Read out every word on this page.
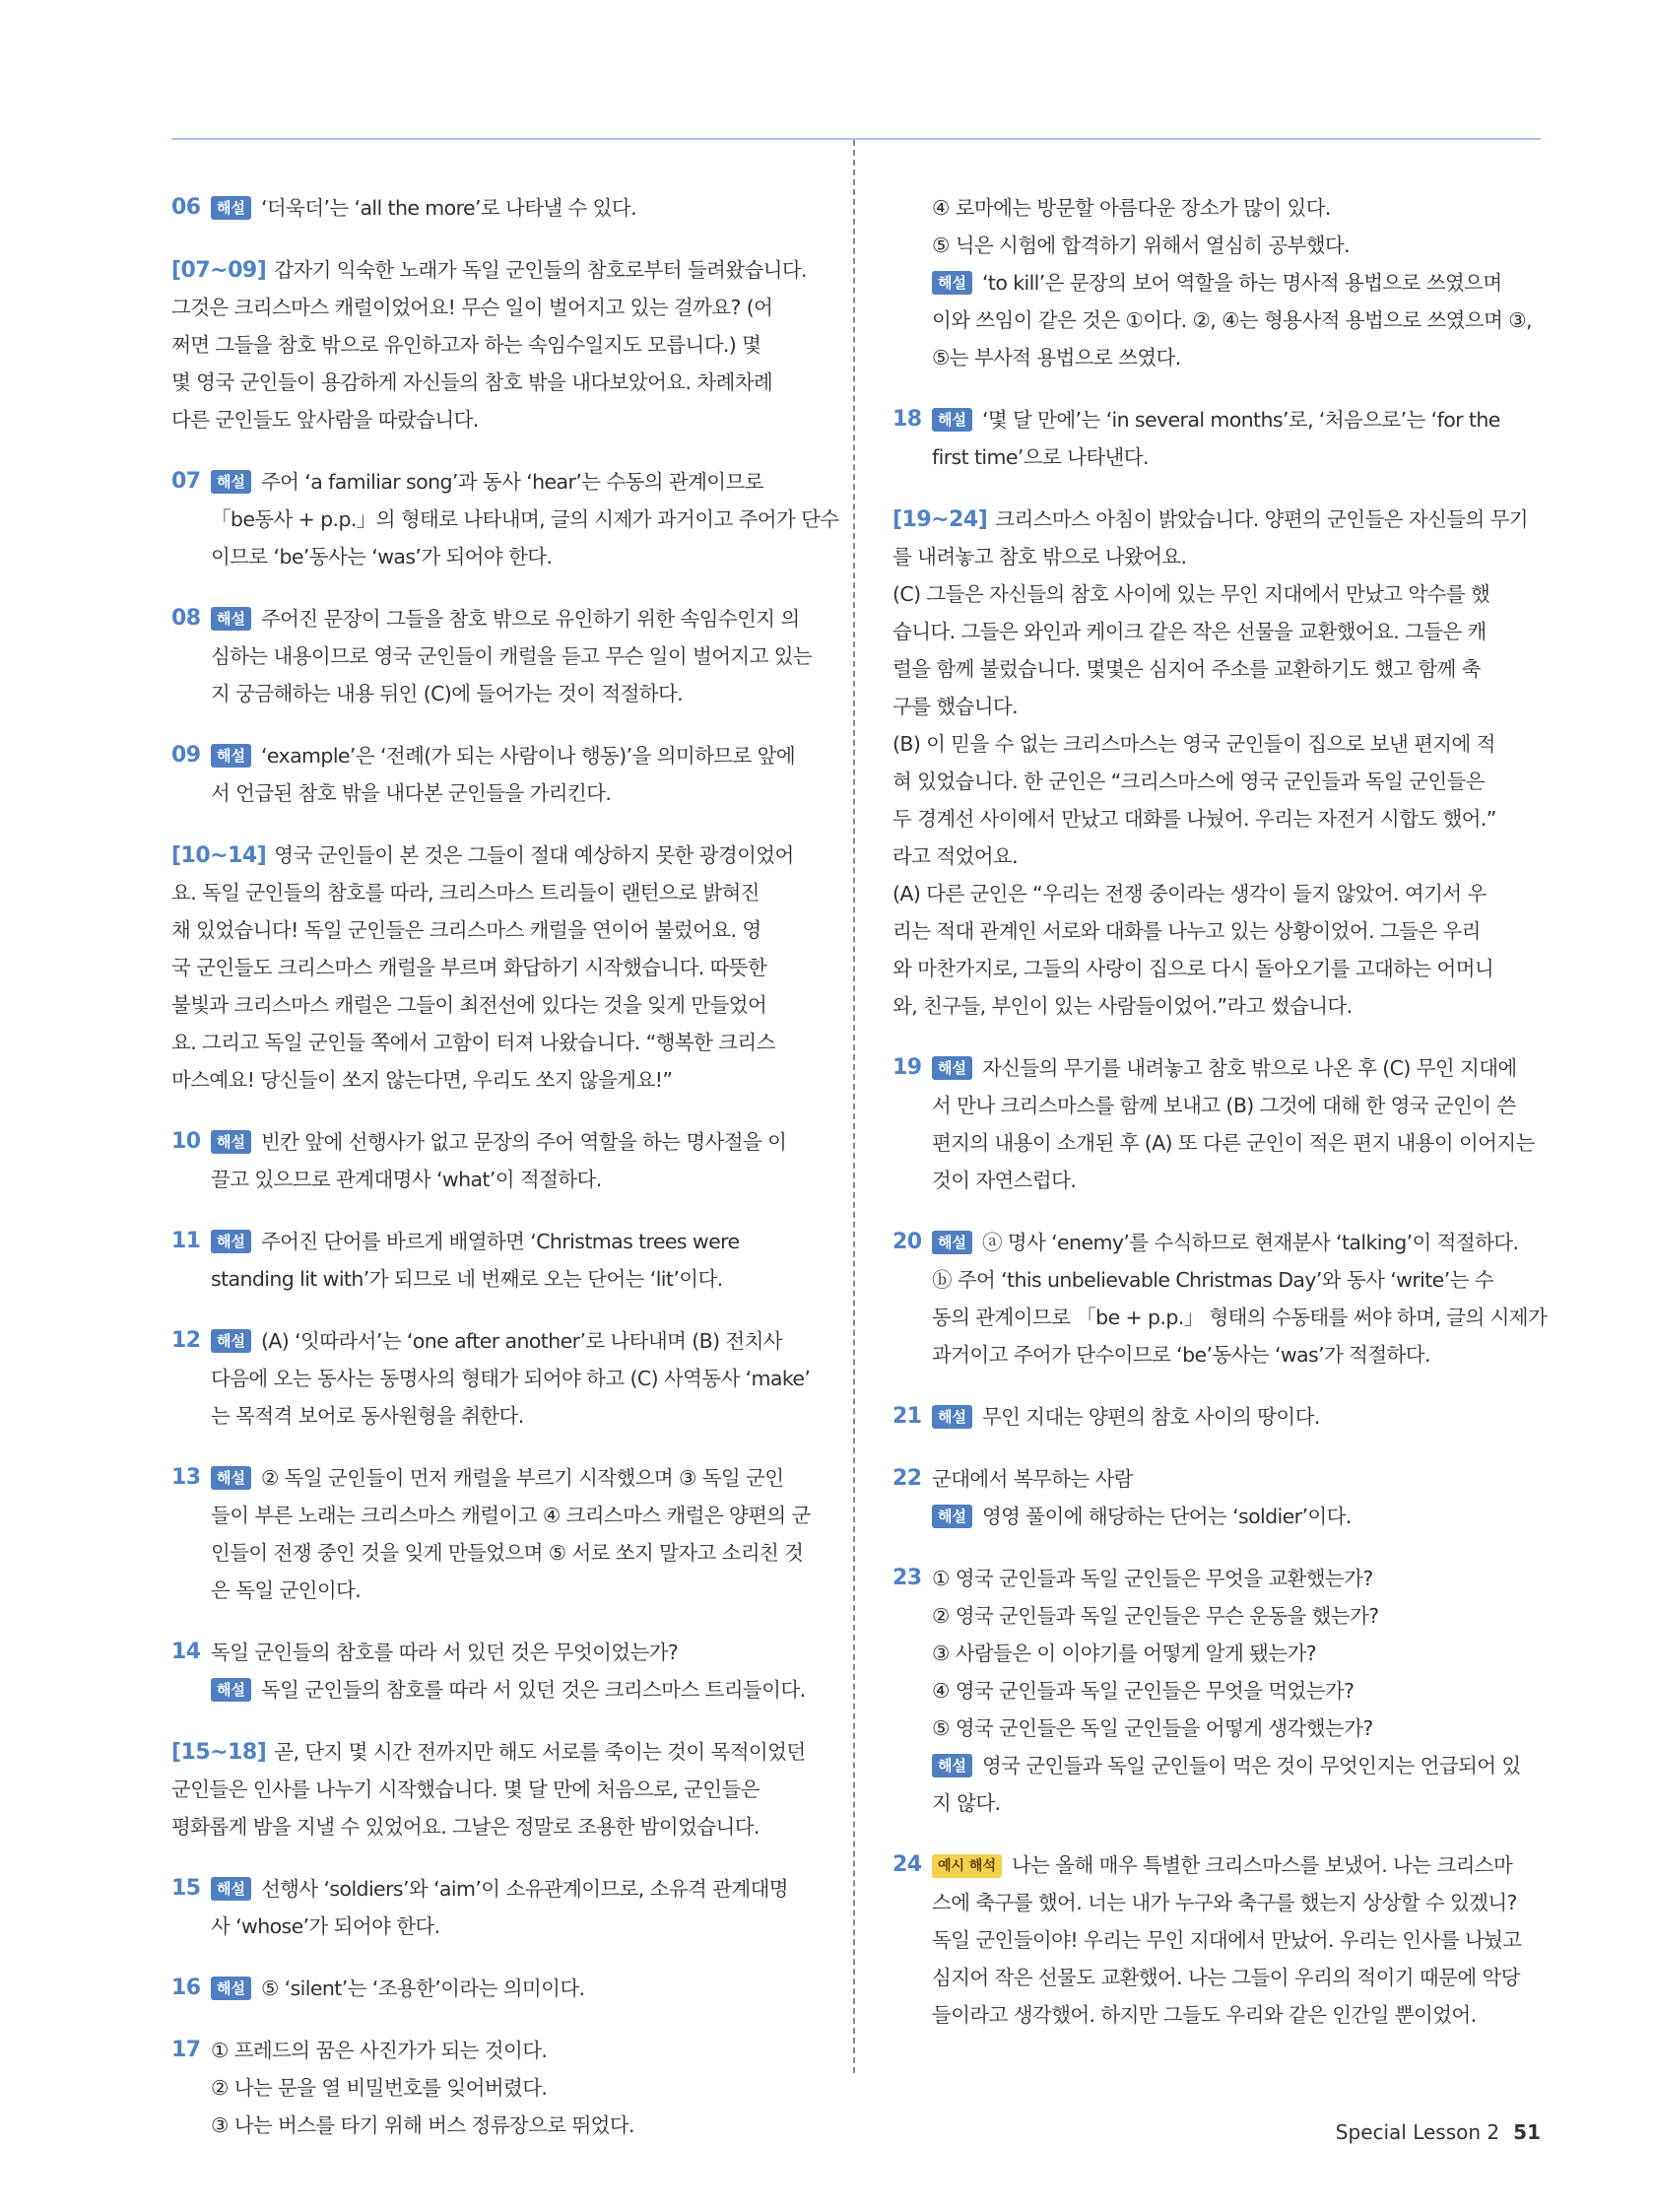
06	해설 ‘더욱더’는 ‘all the more’로 나타낼 수 있다.
[07~09] 갑자기 익숙한 노래가 독일 군인들의 참호로부터 들려왔습니다.
그것은 크리스마스 캐럴이었어요! 무슨 일이 벌어지고 있는 걸까요? (어
쩌면 그들을 참호 밖으로 유인하고자 하는 속임수일지도 모릅니다.) 몇
몇 영국 군인들이 용감하게 자신들의 참호 밖을 내다보았어요. 차례차례
다른 군인들도 앞사람을 따랐습니다.
07	해설 주어 ‘a familiar song’과 동사 ‘hear’는 수동의 관계이므로
「be동사 + p.p.」의 형태로 나타내며, 글의 시제가 과거이고 주어가 단수
이므로 ‘be’동사는 ‘was’가 되어야 한다.
08	해설 주어진 문장이 그들을 참호 밖으로 유인하기 위한 속임수인지 의
심하는 내용이므로 영국 군인들이 캐럴을 듣고 무슨 일이 벌어지고 있는
지 궁금해하는 내용 뒤인 (C)에 들어가는 것이 적절하다.
09	해설 ‘example’은 ‘전례(가 되는 사람이나 행동)’을 의미하므로 앞에
서 언급된 참호 밖을 내다본 군인들을 가리킨다.
[10~14] 영국 군인들이 본 것은 그들이 절대 예상하지 못한 광경이었어
요. 독일 군인들의 참호를 따라, 크리스마스 트리들이 랜턴으로 밝혀진
채 있었습니다! 독일 군인들은 크리스마스 캐럴을 연이어 불렀어요. 영
국 군인들도 크리스마스 캐럴을 부르며 화답하기 시작했습니다. 따뜻한
불빛과 크리스마스 캐럴은 그들이 최전선에 있다는 것을 잊게 만들었어
요. 그리고 독일 군인들 쪽에서 고함이 터져 나왔습니다. “행복한 크리스
마스예요! 당신들이 쏘지 않는다면, 우리도 쏘지 않을게요!”
10	해설 빈칸 앞에 선행사가 없고 문장의 주어 역할을 하는 명사절을 이
끌고 있으므로 관계대명사 ‘what’이 적절하다.
11	해설 주어진 단어를 바르게 배열하면 ‘Christmas trees were
standing lit with’가 되므로 네 번째로 오는 단어는 ‘lit’이다.
12	해설 (A) ‘잇따라서’는 ‘one after another’로 나타내며 (B) 전치사
다음에 오는 동사는 동명사의 형태가 되어야 하고 (C) 사역동사 ‘make’
는 목적격 보어로 동사원형을 취한다.
13	해설 ② 독일 군인들이 먼저 캐럴을 부르기 시작했으며 ③ 독일 군인
들이 부른 노래는 크리스마스 캐럴이고 ④ 크리스마스 캐럴은 양편의 군
인들이 전쟁 중인 것을 잊게 만들었으며 ⑤ 서로 쏘지 말자고 소리친 것
은 독일 군인이다.
14 독일 군인들의 참호를 따라 서 있던 것은 무엇이었는가?
해설 독일 군인들의 참호를 따라 서 있던 것은 크리스마스 트리들이다.
[15~18] 곧, 단지 몇 시간 전까지만 해도 서로를 죽이는 것이 목적이었던
군인들은 인사를 나누기 시작했습니다. 몇 달 만에 처음으로, 군인들은
평화롭게 밤을 지낼 수 있었어요. 그날은 정말로 조용한 밤이었습니다.
15	해설 선행사 ‘soldiers’와 ‘aim’이 소유관계이므로, 소유격 관계대명
사 ‘whose’가 되어야 한다.
16	해설 ⑤ ‘silent’는 ‘조용한’이라는 의미이다.
17 ① 프레드의 꿈은 사진가가 되는 것이다.
② 나는 문을 열 비밀번호를 잊어버렸다.
③ 나는 버스를 타기 위해 버스 정류장으로 뛰었다.
④ 로마에는 방문할 아름다운 장소가 많이 있다.
⑤ 닉은 시험에 합격하기 위해서 열심히 공부했다.
해설 ‘to kill’은 문장의 보어 역할을 하는 명사적 용법으로 쓰였으며
이와 쓰임이 같은 것은 ①이다. ②, ④는 형용사적 용법으로 쓰였으며 ③,
⑤는 부사적 용법으로 쓰였다.
18	해설 ‘몇 달 만에’는 ‘in several months’로, ‘처음으로’는 ‘for the
first time’으로 나타낸다.
[19~24] 크리스마스 아침이 밝았습니다. 양편의 군인들은 자신들의 무기
를 내려놓고 참호 밖으로 나왔어요.
(C) 그들은 자신들의 참호 사이에 있는 무인 지대에서 만났고 악수를 했
습니다. 그들은 와인과 케이크 같은 작은 선물을 교환했어요. 그들은 캐
럴을 함께 불렀습니다. 몇몇은 심지어 주소를 교환하기도 했고 함께 축
구를 했습니다.
(B) 이 믿을 수 없는 크리스마스는 영국 군인들이 집으로 보낸 편지에 적
혀 있었습니다. 한 군인은 “크리스마스에 영국 군인들과 독일 군인들은
두 경계선 사이에서 만났고 대화를 나눴어. 우리는 자전거 시합도 했어.”
라고 적었어요.
(A) 다른 군인은 “우리는 전쟁 중이라는 생각이 들지 않았어. 여기서 우
리는 적대 관계인 서로와 대화를 나누고 있는 상황이었어. 그들은 우리
와 마찬가지로, 그들의 사랑이 집으로 다시 돌아오기를 고대하는 어머니
와, 친구들, 부인이 있는 사람들이었어.”라고 썼습니다.
19	해설 자신들의 무기를 내려놓고 참호 밖으로 나온 후 (C) 무인 지대에
서 만나 크리스마스를 함께 보내고 (B) 그것에 대해 한 영국 군인이 쓴
편지의 내용이 소개된 후 (A) 또 다른 군인이 적은 편지 내용이 이어지는
것이 자연스럽다.
20	해설 ⓐ 명사 ‘enemy’를 수식하므로 현재분사 ‘talking’이 적절하다.
ⓑ 주어 ‘this unbelievable Christmas Day’와 동사 ‘write’는 수
동의 관계이므로 「be + p.p.」 형태의 수동태를 써야 하며, 글의 시제가
과거이고 주어가 단수이므로 ‘be’동사는 ‘was’가 적절하다.
21	해설 무인 지대는 양편의 참호 사이의 땅이다.
22 군대에서 복무하는 사람
해설 영영 풀이에 해당하는 단어는 ‘soldier’이다.
23 ① 영국 군인들과 독일 군인들은 무엇을 교환했는가?
② 영국 군인들과 독일 군인들은 무슨 운동을 했는가?
③ 사람들은 이 이야기를 어떻게 알게 됐는가?
④ 영국 군인들과 독일 군인들은 무엇을 먹었는가?
⑤ 영국 군인들은 독일 군인들을 어떻게 생각했는가?
해설 영국 군인들과 독일 군인들이 먹은 것이 무엇인지는 언급되어 있
지 않다.
24	예시 해석 나는 올해 매우 특별한 크리스마스를 보냈어. 나는 크리스마
스에 축구를 했어. 너는 내가 누구와 축구를 했는지 상상할 수 있겠니?
독일 군인들이야! 우리는 무인 지대에서 만났어. 우리는 인사를 나눴고
심지어 작은 선물도 교환했어. 나는 그들이 우리의 적이기 때문에 악당
들이라고 생각했어. 하지만 그들도 우리와 같은 인간일 뿐이었어.
Special Lesson 2 51
